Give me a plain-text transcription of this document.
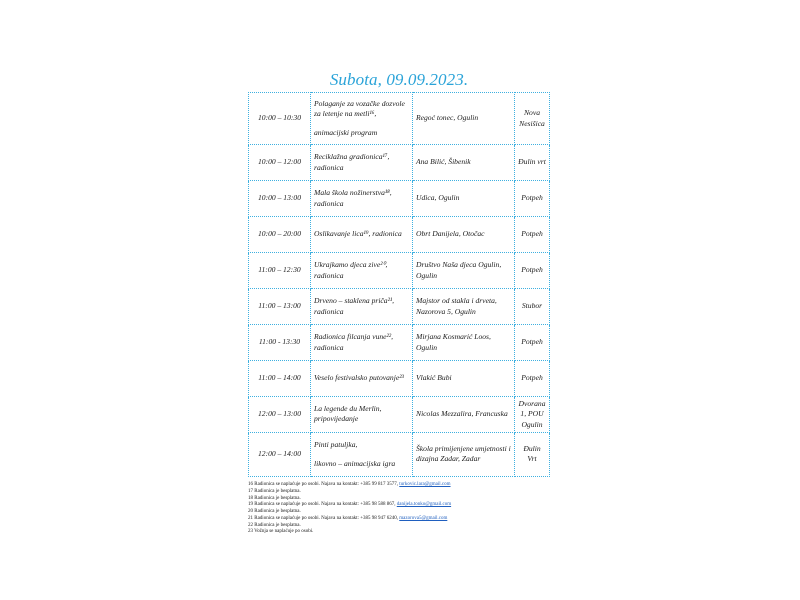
Subota, 09.09.2023.
10:00 – 10:30	Polaganje za vozačke dozvole za letenje na metli¹⁶,
animacijski program	Regoć tonec, Ogulin	Nova Nesišica
10:00 – 12:00	Reciklažna gradionica¹⁷,
radionica	Ana Bilić, Šibenik	Đulin vrt
10:00 – 13:00	Mala škola nožinerstva¹⁸,
radionica	Udica, Ogulin	Potpeh
10:00 – 20:00	Oslikavanje lica¹⁹, radionica	Obrt Danijela, Otočac	Potpeh
11:00 – 12:30	Ukrajkamo djeca zive²⁰,
radionica	Društvo Naša djeca Ogulin, Ogulin	Potpeh
11:00 – 13:00	Drveno – staklena priča²¹,
radionica	Majstor od stakla i drveta, Nazorova 5, Ogulin	Stubor
11:00 - 13:30	Radionica filcanja vune²²,
radionica	Mirjana Kosmarić Loos, Ogulin	Potpeh
11:00 – 14:00	Veselo festivalsko putovanje²³	Vlakić Bubi	Potpeh
12:00 – 13:00	La legende du Merlin,
pripovijedanje	Nicolas Mezzalira, Francuska	Dvorana 1, POU Ogulin
12:00 – 14:00	Pinti patuljka,
likovno – animacijska igra	Škola primijenjene umjetnosti i dizajna Zadar, Zadar	Đulin Vrt
16 Radionica se naplaćuje po osobi. Najava na kontakt: +385 99 817 3577, turkovic.lara@gmail.com
17 Radionica je besplatna.
18 Radionica je besplatna.
19 Radionica se naplaćuje po osobi. Najava na kontakt: +385 98 588 867, danijela.tonko@gmail.com
20 Radionica je besplatna.
21 Radionica se naplaćuje po osobi. Najava na kontakt: +385 98 947 6240, mazorova5@gmail.com
22 Radionica je besplatna.
23 Vožnja se naplaćuje po osobi.
